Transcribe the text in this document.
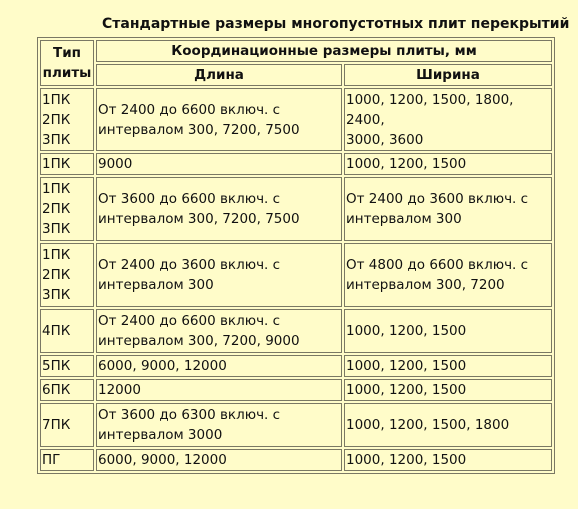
Стандартные размеры многопустотных плит перекрытий
Тип
плиты	Координационные размеры плиты, мм	
	Длина	Ширина

1ПК
2ПК
3ПК	От 2400 до 6600 включ. с
интервалом 300, 7200, 7500	1000, 1200, 1500, 1800, 2400,
3000, 3600

1ПК	9000	1000, 1200, 1500

1ПК
2ПК
3ПК	От 3600 до 6600 включ. с
интервалом 300, 7200, 7500	От 2400 до 3600 включ. с
интервалом 300

1ПК
2ПК
3ПК	От 2400 до 3600 включ. с
интервалом 300	От 4800 до 6600 включ. с
интервалом 300, 7200

4ПК	От 2400 до 6600 включ. с
интервалом 300, 7200, 9000	1000, 1200, 1500

5ПК	6000, 9000, 12000	1000, 1200, 1500

6ПК	12000	1000, 1200, 1500

7ПК	От 3600 до 6300 включ. с
интервалом 3000	1000, 1200, 1500, 1800

ПГ	6000, 9000, 12000	1000, 1200, 1500
